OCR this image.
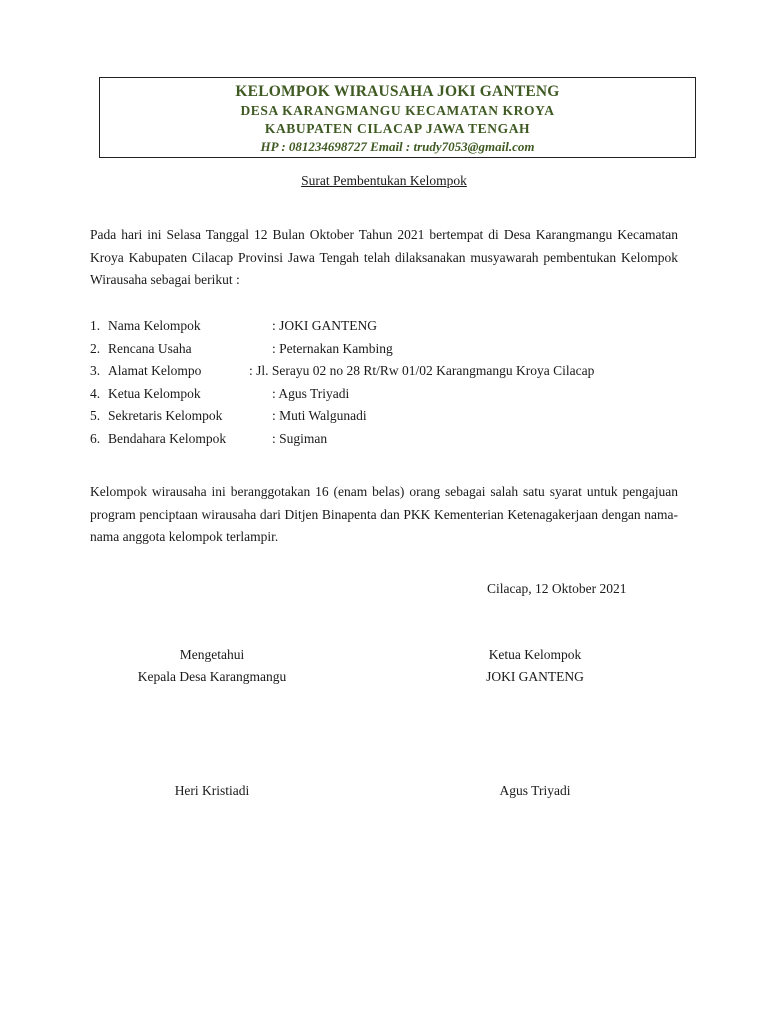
KELOMPOK WIRAUSAHA JOKI GANTENG
DESA KARANGMANGU KECAMATAN KROYA
KABUPATEN CILACAP JAWA TENGAH
HP : 081234698727 Email : trudy7053@gmail.com
Surat Pembentukan Kelompok
Pada hari ini Selasa Tanggal 12 Bulan Oktober Tahun 2021 bertempat di Desa Karangmangu Kecamatan Kroya Kabupaten Cilacap Provinsi Jawa Tengah telah dilaksanakan musyawarah pembentukan Kelompok Wirausaha sebagai berikut :
1. Nama Kelompok	: JOKI GANTENG
2. Rencana Usaha	: Peternakan Kambing
3. Alamat Kelompo	: Jl. Serayu 02 no 28 Rt/Rw 01/02 Karangmangu Kroya Cilacap
4. Ketua Kelompok	: Agus Triyadi
5. Sekretaris Kelompok	: Muti Walgunadi
6. Bendahara Kelompok	: Sugiman
Kelompok wirausaha ini beranggotakan 16 (enam belas) orang sebagai salah satu syarat untuk pengajuan program penciptaan wirausaha dari Ditjen Binapenta dan PKK Kementerian Ketenagakerjaan dengan nama-nama anggota kelompok terlampir.
Cilacap, 12 Oktober 2021
Mengetahui
Kepala Desa Karangmangu
Ketua Kelompok
JOKI GANTENG
Heri Kristiadi	Agus Triyadi
